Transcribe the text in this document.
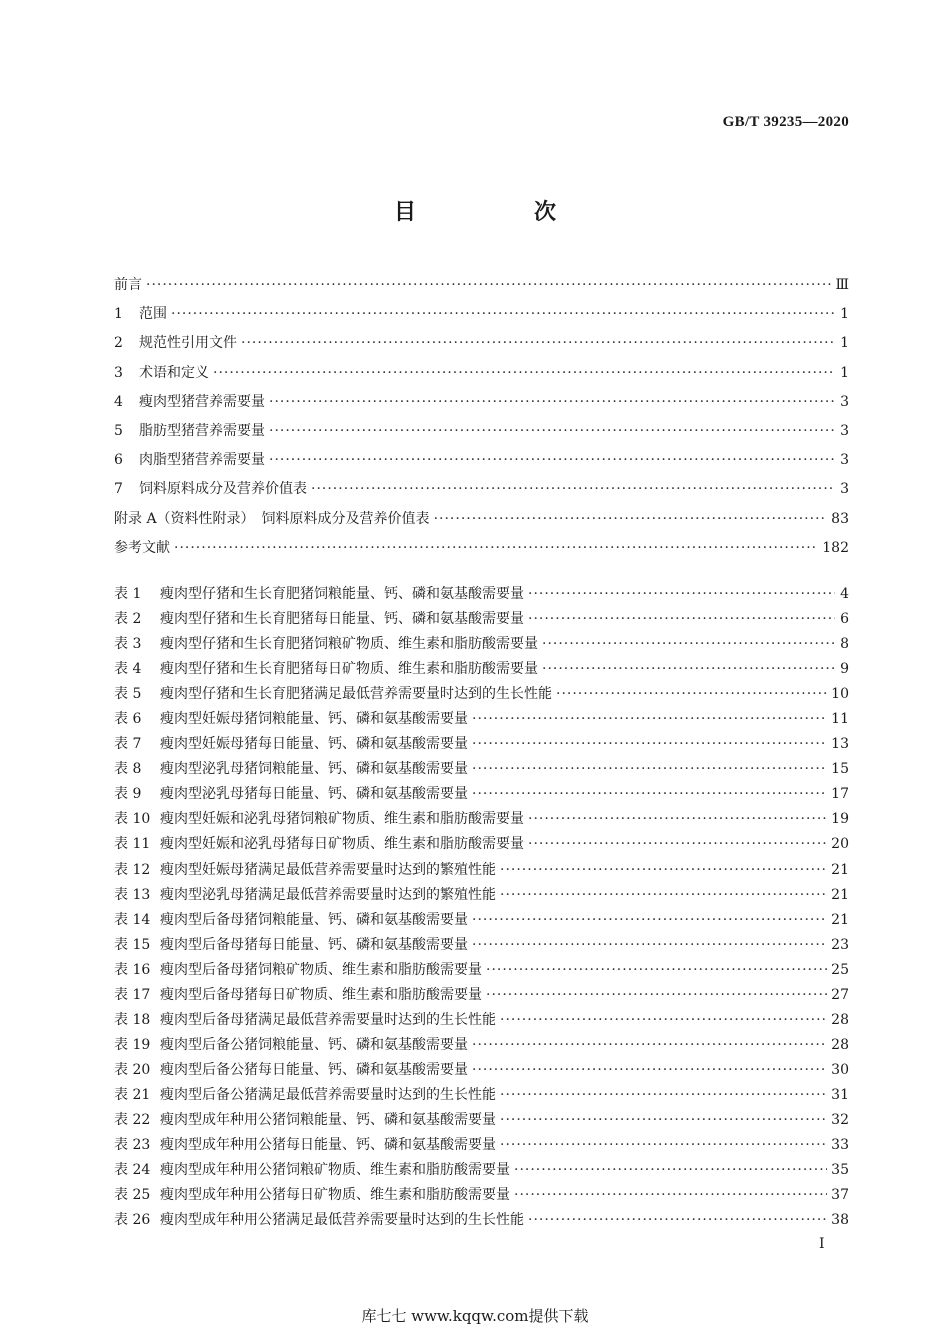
GB/T 39235—2020
目　次
前言 ·····	Ⅲ
1 范围 ·····	1
2 规范性引用文件 ·····	1
3 术语和定义 ·····	1
4 瘦肉型猪营养需要量 ·····	3
5 脂肪型猪营养需要量 ·····	3
6 肉脂型猪营养需要量 ·····	3
7 饲料原料成分及营养价值表 ·····	3
附录 A（资料性附录）　饲料原料成分及营养价值表 ·····	83
参考文献 ·····	182
表 1 瘦肉型仔猪和生长育肥猪饲粮能量、钙、磷和氨基酸需要量 ·····	4
表 2 瘦肉型仔猪和生长育肥猪每日能量、钙、磷和氨基酸需要量 ·····	6
表 3 瘦肉型仔猪和生长育肥猪饲粮矿物质、维生素和脂肪酸需要量 ·····	8
表 4 瘦肉型仔猪和生长育肥猪每日矿物质、维生素和脂肪酸需要量 ·····	9
表 5 瘦肉型仔猪和生长育肥猪满足最低营养需要量时达到的生长性能 ·····	10
表 6 瘦肉型妊娠母猪饲粮能量、钙、磷和氨基酸需要量 ·····	11
表 7 瘦肉型妊娠母猪每日能量、钙、磷和氨基酸需要量 ·····	13
表 8 瘦肉型泌乳母猪饲粮能量、钙、磷和氨基酸需要量 ·····	15
表 9 瘦肉型泌乳母猪每日能量、钙、磷和氨基酸需要量 ·····	17
表 10 瘦肉型妊娠和泌乳母猪饲粮矿物质、维生素和脂肪酸需要量 ·····	19
表 11 瘦肉型妊娠和泌乳母猪每日矿物质、维生素和脂肪酸需要量 ·····	20
表 12 瘦肉型妊娠母猪满足最低营养需要量时达到的繁殖性能 ·····	21
表 13 瘦肉型泌乳母猪满足最低营养需要量时达到的繁殖性能 ·····	21
表 14 瘦肉型后备母猪饲粮能量、钙、磷和氨基酸需要量 ·····	21
表 15 瘦肉型后备母猪每日能量、钙、磷和氨基酸需要量 ·····	23
表 16 瘦肉型后备母猪饲粮矿物质、维生素和脂肪酸需要量 ·····	25
表 17 瘦肉型后备母猪每日矿物质、维生素和脂肪酸需要量 ·····	27
表 18 瘦肉型后备母猪满足最低营养需要量时达到的生长性能 ·····	28
表 19 瘦肉型后备公猪饲粮能量、钙、磷和氨基酸需要量 ·····	28
表 20 瘦肉型后备公猪每日能量、钙、磷和氨基酸需要量 ·····	30
表 21 瘦肉型后备公猪满足最低营养需要量时达到的生长性能 ·····	31
表 22 瘦肉型成年种用公猪饲粮能量、钙、磷和氨基酸需要量 ·····	32
表 23 瘦肉型成年种用公猪每日能量、钙、磷和氨基酸需要量 ·····	33
表 24 瘦肉型成年种用公猪饲粮矿物质、维生素和脂肪酸需要量 ·····	35
表 25 瘦肉型成年种用公猪每日矿物质、维生素和脂肪酸需要量 ·····	37
表 26 瘦肉型成年种用公猪满足最低营养需要量时达到的生长性能 ·····	38
Ⅰ
库七七 www.kqqw.com提供下载
